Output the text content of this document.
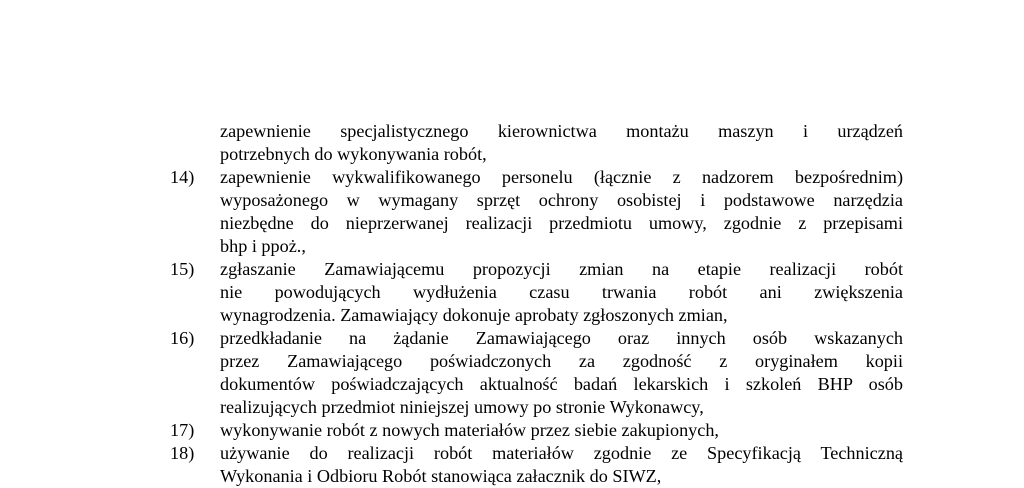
zapewnienie specjalistycznego kierownictwa montażu maszyn i urządzeń
potrzebnych do wykonywania robót,
14)	zapewnienie wykwalifikowanego personelu (łącznie z nadzorem bezpośrednim)
wyposażonego w wymagany sprzęt ochrony osobistej i podstawowe narzędzia
niezbędne do nieprzerwanej realizacji przedmiotu umowy, zgodnie z przepisami
bhp i ppoż.,
15)	zgłaszanie Zamawiającemu propozycji zmian na etapie realizacji robót
nie powodujących wydłużenia czasu trwania robót ani zwiększenia
wynagrodzenia. Zamawiający dokonuje aprobaty zgłoszonych zmian,
16)	przedkładanie na żądanie Zamawiającego oraz innych osób wskazanych
przez Zamawiającego poświadczonych za zgodność z oryginałem kopii
dokumentów poświadczających aktualność badań lekarskich i szkoleń BHP osób
realizujących przedmiot niniejszej umowy po stronie Wykonawcy,
17)	wykonywanie robót z nowych materiałów przez siebie zakupionych,
18)	używanie do realizacji robót materiałów zgodnie ze Specyfikacją Techniczną
Wykonania i Odbioru Robót stanowiąca załacznik do SIWZ,
